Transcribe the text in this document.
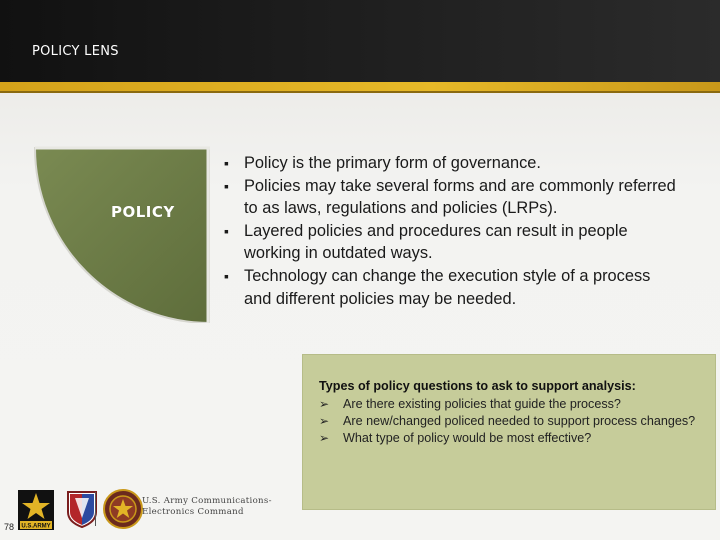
POLICY LENS
POLICY
▪ Policy is the primary form of governance.
▪ Policies may take several forms and are commonly referred to as laws, regulations and policies (LRPs).
▪ Layered policies and procedures can result in people working in outdated ways.
▪ Technology can change the execution style of a process and different policies may be needed.
Types of policy questions to ask to support analysis:
➢ Are there existing policies that guide the process?
➢ Are new/changed policed needed to support process changes?
➢ What type of policy would be most effective?
U.S.ARMY
U.S. Army Communications-
Electronics Command
78
